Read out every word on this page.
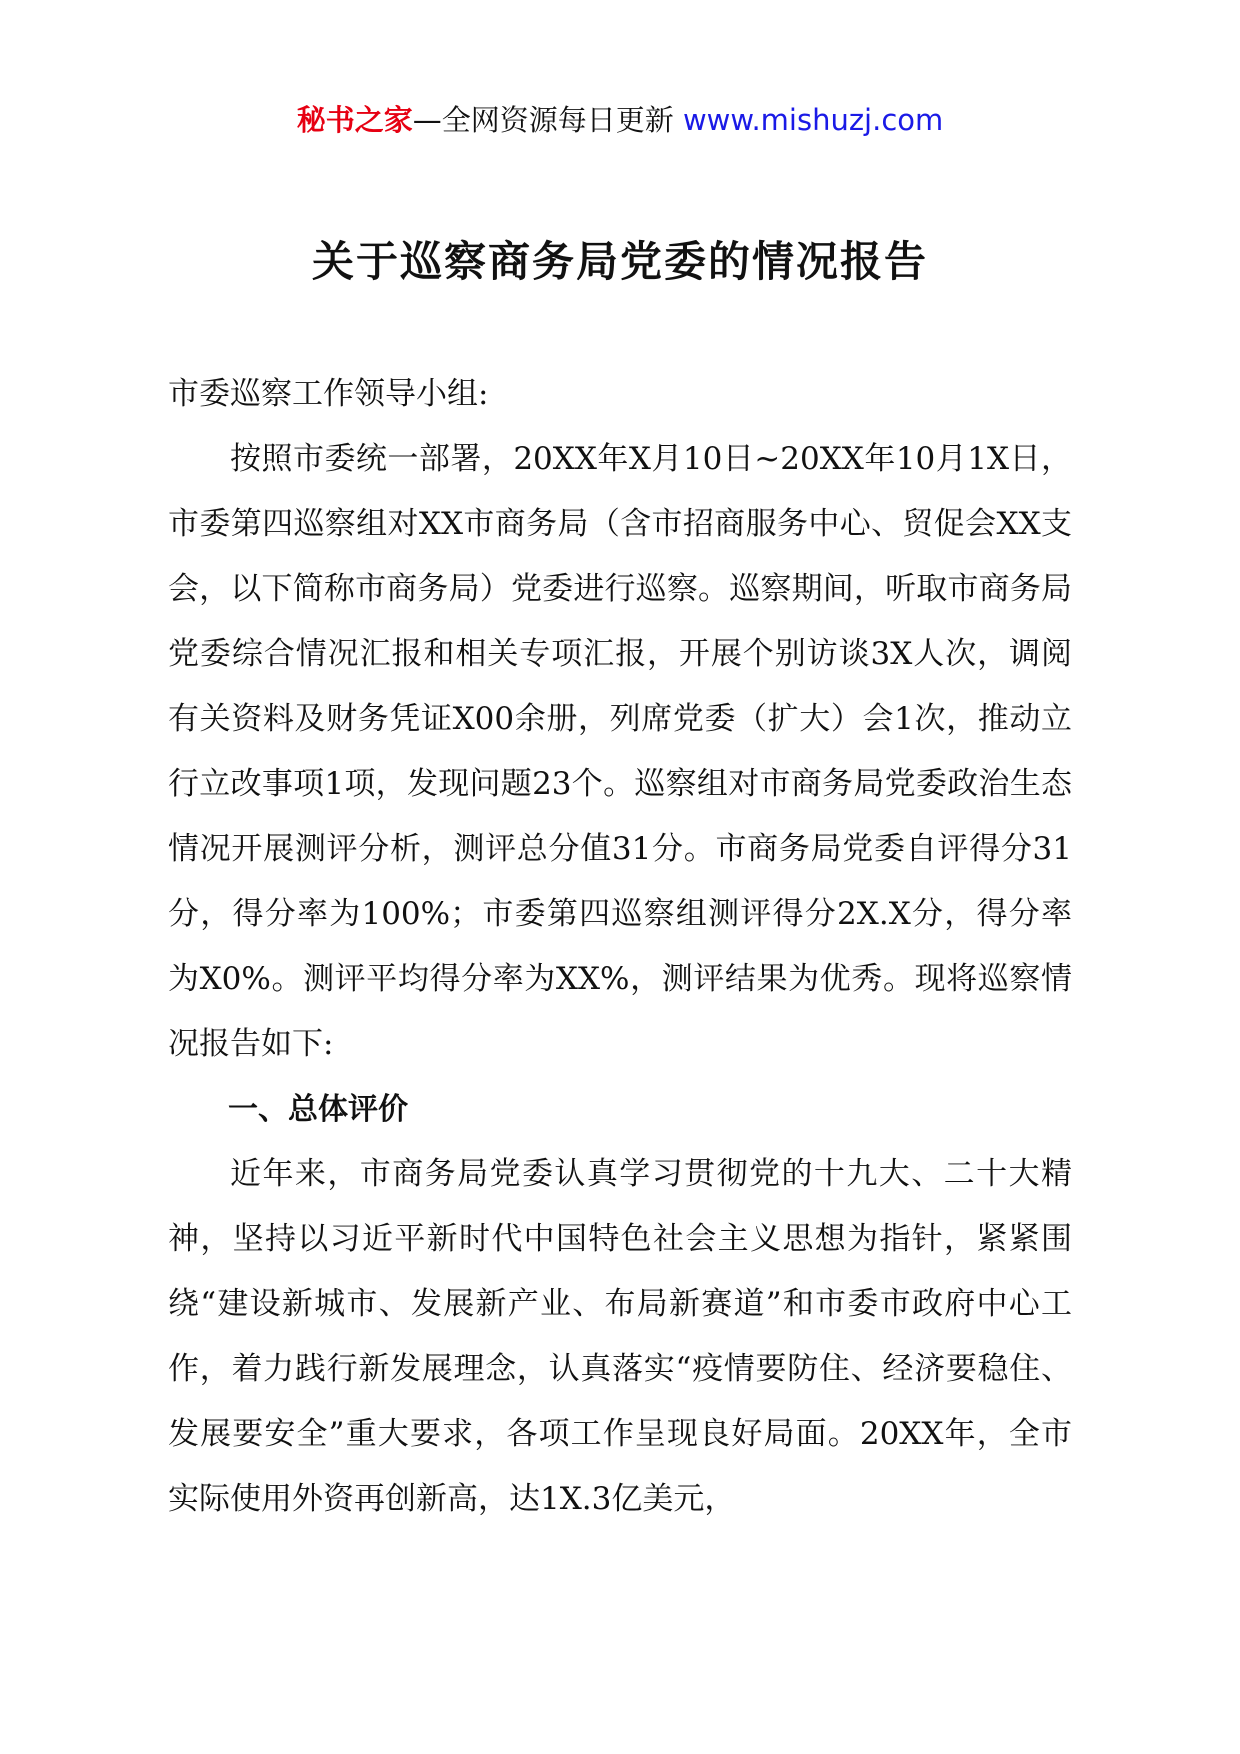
秘书之家—全网资源每日更新 www.mishuzj.com
关于巡察商务局党委的情况报告

市委巡察工作领导小组:

按照市委统一部署，20XX年X月10日~20XX年10月1X日，市委第四巡察组对XX市商务局（含市招商服务中心、贸促会XX支会，以下简称市商务局）党委进行巡察。巡察期间，听取市商务局党委综合情况汇报和相关专项汇报，开展个别访谈3X人次，调阅有关资料及财务凭证X00余册，列席党委（扩大）会1次，推动立行立改事项1项，发现问题23个。巡察组对市商务局党委政治生态情况开展测评分析，测评总分值31分。市商务局党委自评得分31分，得分率为100%；市委第四巡察组测评得分2X.X分，得分率为X0%。测评平均得分率为XX%，测评结果为优秀。现将巡察情况报告如下:

一、总体评价

近年来，市商务局党委认真学习贯彻党的十九大、二十大精神，坚持以习近平新时代中国特色社会主义思想为指针，紧紧围绕“建设新城市、发展新产业、布局新赛道”和市委市政府中心工作，着力践行新发展理念，认真落实“疫情要防住、经济要稳住、发展要安全”重大要求，各项工作呈现良好局面。20XX年，全市实际使用外资再创新高，达1X.3亿美元，
